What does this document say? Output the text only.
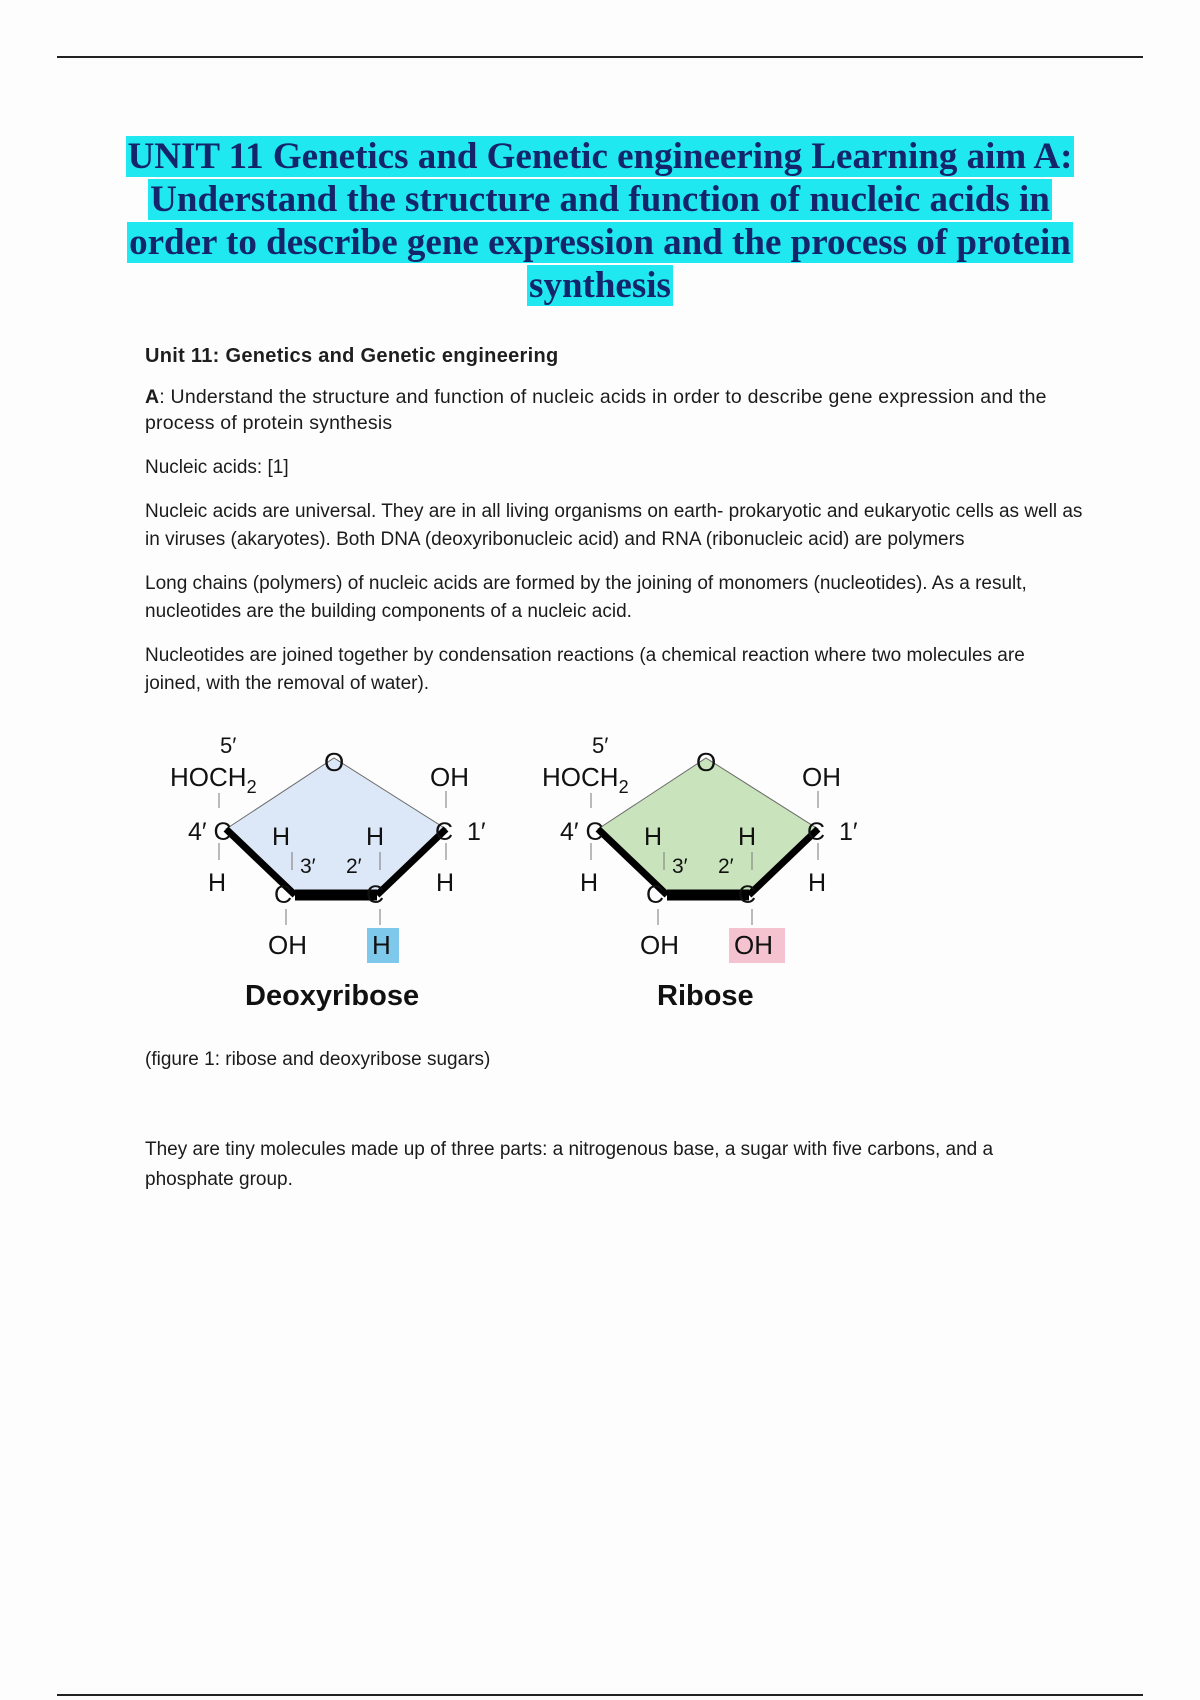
UNIT 11 Genetics and Genetic engineering Learning aim A:
Understand the structure and function of nucleic acids in
order to describe gene expression and the process of protein
synthesis
Unit 11: Genetics and Genetic engineering
A: Understand the structure and function of nucleic acids in order to describe gene expression and the process of protein synthesis

Nucleic acids: [1]

Nucleic acids are universal. They are in all living organisms on earth- prokaryotic and eukaryotic cells as well as in viruses (akaryotes). Both DNA (deoxyribonucleic acid) and RNA (ribonucleic acid) are polymers

Long chains (polymers) of nucleic acids are formed by the joining of monomers (nucleotides). As a result, nucleotides are the building components of a nucleic acid.

Nucleotides are joined together by condensation reactions (a chemical reaction where two molecules are joined, with the removal of water).

5′
$HOCH_2$
O	OH
4′ C	C  1′
H	H
3′ 2′
H	H
C	C
OH	H
Deoxyribose
5′
$HOCH_2$
O	OH
4′ C	C  1′
H	H
3′ 2′
H	H
C	C
OH OH
Ribose

(figure 1: ribose and deoxyribose sugars)

They are tiny molecules made up of three parts: a nitrogenous base, a sugar with five carbons, and a phosphate group.
